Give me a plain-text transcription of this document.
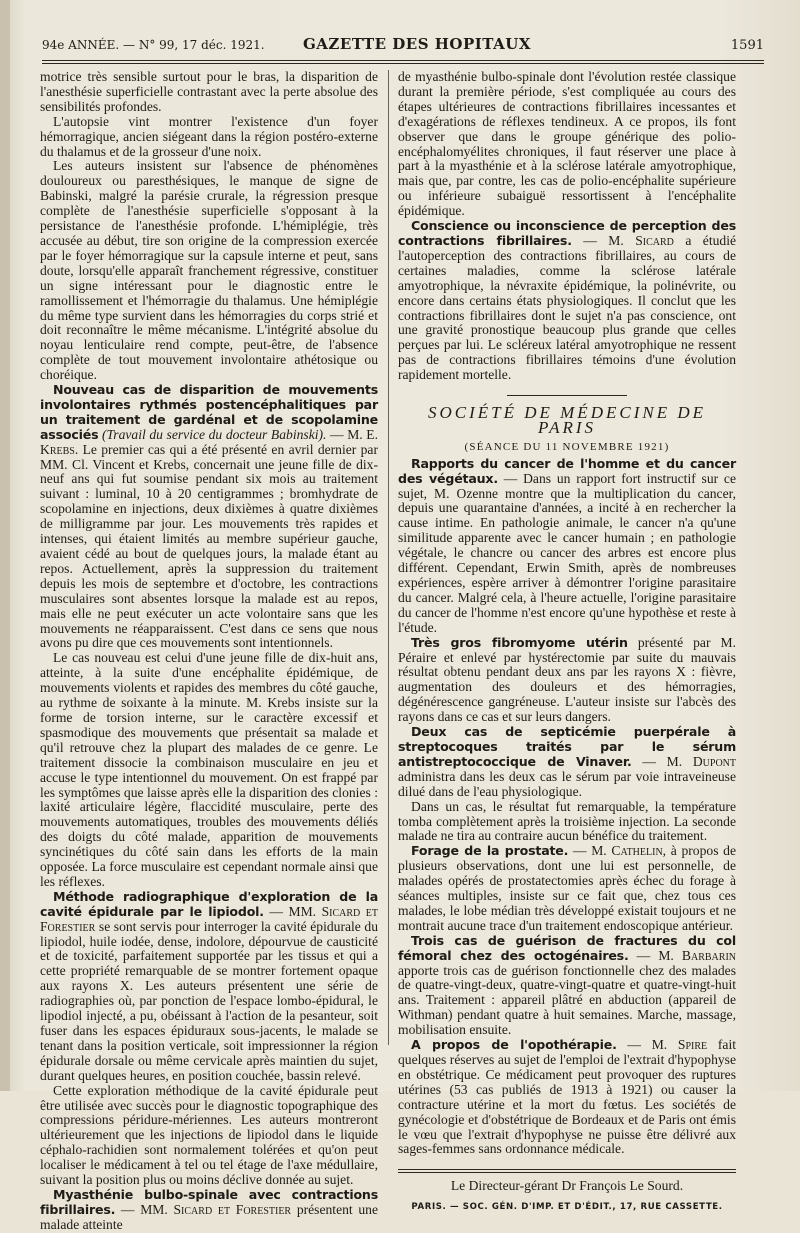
94e ANNÉE. — N° 99, 17 déc. 1921.	GAZETTE DES HOPITAUX	1591

motrice très sensible surtout pour le bras, la disparition de l'anesthésie superficielle contrastant avec la perte absolue des sensibilités profondes.

L'autopsie vint montrer l'existence d'un foyer hémorragique, ancien siégeant dans la région postéro-externe du thalamus et de la grosseur d'une noix.

Les auteurs insistent sur l'absence de phénomènes douloureux ou paresthésiques, le manque de signe de Babinski, malgré la parésie crurale, la régression presque complète de l'anesthésie superficielle s'opposant à la persistance de l'anesthésie profonde. L'hémiplégie, très accusée au début, tire son origine de la compression exercée par le foyer hémorragique sur la capsule interne et peut, sans doute, lorsqu'elle apparaît franchement régressive, constituer un signe intéressant pour le diagnostic entre le ramollissement et l'hémorragie du thalamus. Une hémiplégie du même type survient dans les hémorragies du corps strié et doit reconnaître le même mécanisme. L'intégrité absolue du noyau lenticulaire rend compte, peut-être, de l'absence complète de tout mouvement involontaire athétosique ou choréique.

Nouveau cas de disparition de mouvements involontaires rythmés postencéphalitiques par un traitement de gardénal et de scopolamine associés (Travail du service du docteur Babinski). — M. E. Krebs. Le premier cas qui a été présenté en avril dernier par MM. Cl. Vincent et Krebs, concernait une jeune fille de dix-neuf ans qui fut soumise pendant six mois au traitement suivant : luminal, 10 à 20 centigrammes ; bromhydrate de scopolamine en injections, deux dixièmes à quatre dixièmes de milligramme par jour. Les mouvements très rapides et intenses, qui étaient limités au membre supérieur gauche, avaient cédé au bout de quelques jours, la malade étant au repos. Actuellement, après la suppression du traitement depuis les mois de septembre et d'octobre, les contractions musculaires sont absentes lorsque la malade est au repos, mais elle ne peut exécuter un acte volontaire sans que les mouvements ne réapparaissent. C'est dans ce sens que nous avons pu dire que ces mouvements sont intentionnels.

Le cas nouveau est celui d'une jeune fille de dix-huit ans, atteinte, à la suite d'une encéphalite épidémique, de mouvements violents et rapides des membres du côté gauche, au rythme de soixante à la minute. M. Krebs insiste sur la forme de torsion interne, sur le caractère excessif et spasmodique des mouvements que présentait sa malade et qu'il retrouve chez la plupart des malades de ce genre. Le traitement dissocie la combinaison musculaire en jeu et accuse le type intentionnel du mouvement. On est frappé par les symptômes que laisse après elle la disparition des clonies : laxité articulaire légère, flaccidité musculaire, perte des mouvements automatiques, troubles des mouvements déliés des doigts du côté malade, apparition de mouvements syncinétiques du côté sain dans les efforts de la main opposée. La force musculaire est cependant normale ainsi que les réflexes.

Méthode radiographique d'exploration de la cavité épidurale par le lipiodol. — MM. Sicard et Forestier se sont servis pour interroger la cavité épidurale du lipiodol, huile iodée, dense, indolore, dépourvue de causticité et de toxicité, parfaitement supportée par les tissus et qui a cette propriété remarquable de se montrer fortement opaque aux rayons X. Les auteurs présentent une série de radiographies où, par ponction de l'espace lombo-épidural, le lipodiol injecté, a pu, obéissant à l'action de la pesanteur, soit fuser dans les espaces épiduraux sous-jacents, le malade se tenant dans la position verticale, soit impressionner la région épidurale dorsale ou même cervicale après maintien du sujet, durant quelques heures, en position couchée, bassin relevé.

Cette exploration méthodique de la cavité épidurale peut être utilisée avec succès pour le diagnostic topographique des compressions péridure-mériennes. Les auteurs montreront ultérieurement que les injections de lipiodol dans le liquide céphalo-rachidien sont normalement tolérées et qu'on peut localiser le médicament à tel ou tel étage de l'axe médullaire, suivant la position plus ou moins déclive donnée au sujet.

Myasthénie bulbo-spinale avec contractions fibrillaires. — MM. Sicard et Forestier présentent une malade atteinte

de myasthénie bulbo-spinale dont l'évolution restée classique durant la première période, s'est compliquée au cours des étapes ultérieures de contractions fibrillaires incessantes et d'exagérations de réflexes tendineux. A ce propos, ils font observer que dans le groupe générique des polio-encéphalomyélites chroniques, il faut réserver une place à part à la myasthénie et à la sclérose latérale amyotrophique, mais que, par contre, les cas de polio-encéphalite supérieure ou inférieure subaiguë ressortissent à l'encéphalite épidémique.

Conscience ou inconscience de perception des contractions fibrillaires. — M. Sicard a étudié l'autoperception des contractions fibrillaires, au cours de certaines maladies, comme la sclérose latérale amyotrophique, la névraxite épidémique, la polinévrite, ou encore dans certains états physiologiques. Il conclut que les contractions fibrillaires dont le sujet n'a pas conscience, ont une gravité pronostique beaucoup plus grande que celles perçues par lui. Le scléreux latéral amyotrophique ne ressent pas de contractions fibrillaires témoins d'une évolution rapidement mortelle.

SOCIÉTÉ DE MÉDECINE DE PARIS
(SÉANCE DU 11 NOVEMBRE 1921)

Rapports du cancer de l'homme et du cancer des végétaux. — Dans un rapport fort instructif sur ce sujet, M. Ozenne montre que la multiplication du cancer, depuis une quarantaine d'années, a incité à en rechercher la cause intime. En pathologie animale, le cancer n'a qu'une similitude apparente avec le cancer humain ; en pathologie végétale, le chancre ou cancer des arbres est encore plus différent. Cependant, Erwin Smith, après de nombreuses expériences, espère arriver à démontrer l'origine parasitaire du cancer. Malgré cela, à l'heure actuelle, l'origine parasitaire du cancer de l'homme n'est encore qu'une hypothèse et reste à l'étude.

Très gros fibromyome utérin présenté par M. Péraire et enlevé par hystérectomie par suite du mauvais résultat obtenu pendant deux ans par les rayons X : fièvre, augmentation des douleurs et des hémorragies, dégénérescence gangréneuse. L'auteur insiste sur l'abcès des rayons dans ce cas et sur leurs dangers.

Deux cas de septicémie puerpérale à streptocoques traités par le sérum antistreptococcique de Vinaver. — M. Dupont administra dans les deux cas le sérum par voie intraveineuse dilué dans de l'eau physiologique.

Dans un cas, le résultat fut remarquable, la température tomba complètement après la troisième injection. La seconde malade ne tira au contraire aucun bénéfice du traitement.

Forage de la prostate. — M. Cathelin, à propos de plusieurs observations, dont une lui est personnelle, de malades opérés de prostatectomies après échec du forage à séances multiples, insiste sur ce fait que, chez tous ces malades, le lobe médian très développé existait toujours et ne montrait aucune trace d'un traitement endoscopique antérieur.

Trois cas de guérison de fractures du col fémoral chez des octogénaires. — M. Barbarin apporte trois cas de guérison fonctionnelle chez des malades de quatre-vingt-deux, quatre-vingt-quatre et quatre-vingt-huit ans. Traitement : appareil plâtré en abduction (appareil de Withman) pendant quatre à huit semaines. Marche, massage, mobilisation ensuite.

A propos de l'opothérapie. — M. Spire fait quelques réserves au sujet de l'emploi de l'extrait d'hypophyse en obstétrique. Ce médicament peut provoquer des ruptures utérines (53 cas publiés de 1913 à 1921) ou causer la contracture utérine et la mort du fœtus. Les sociétés de gynécologie et d'obstétrique de Bordeaux et de Paris ont émis le vœu que l'extrait d'hypophyse ne puisse être délivré aux sages-femmes sans ordonnance médicale.

Le Directeur-gérant Dr François Le Sourd.
PARIS. — SOC. GÉN. D'IMP. ET D'ÉDIT., 17, RUE CASSETTE.
